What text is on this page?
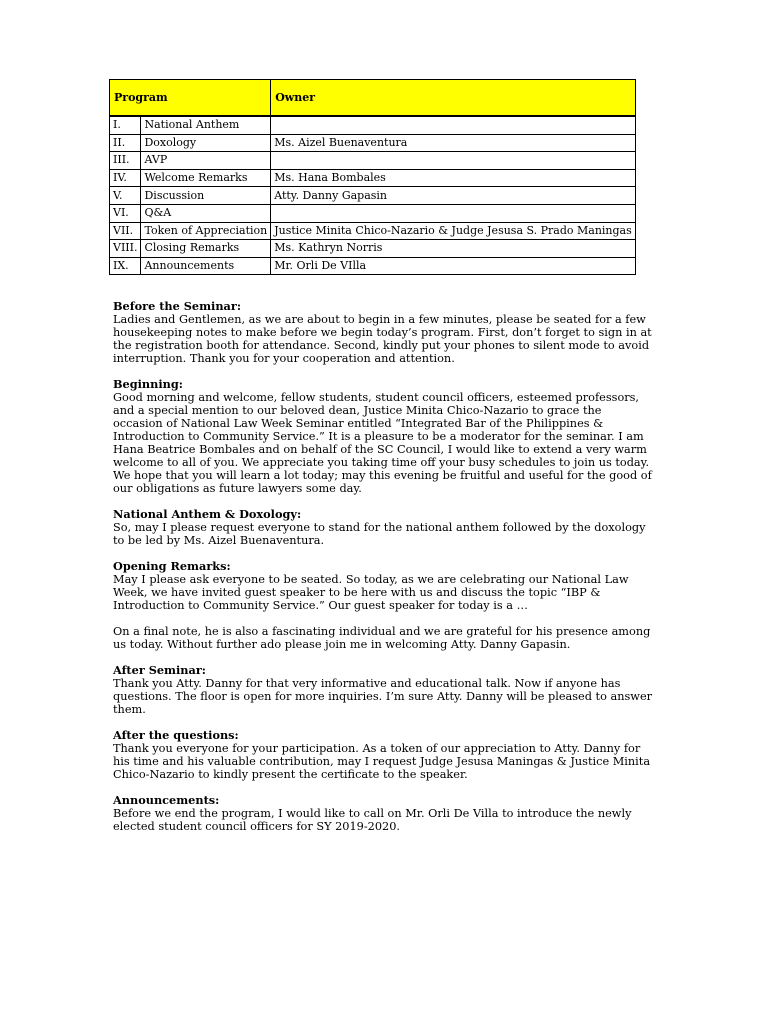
Program		Owner
I.	National Anthem	
II.	Doxology	Ms. Aizel Buenaventura
III.	AVP	
IV.	Welcome Remarks	Ms. Hana Bombales
V.	Discussion	Atty. Danny Gapasin
VI.	Q&A	
VII.	Token of Appreciation	Justice Minita Chico-Nazario & Judge Jesusa S. Prado Maningas
VIII.	Closing Remarks	Ms. Kathryn Norris
IX.	Announcements	Mr. Orli De VIlla
Before the Seminar:

Ladies and Gentlemen, as we are about to begin in a few minutes, please be seated for a few housekeeping notes to make before we begin today’s program. First, don’t forget to sign in at the registration booth for attendance. Second, kindly put your phones to silent mode to avoid interruption. Thank you for your cooperation and attention.

Beginning:

Good morning and welcome, fellow students, student council officers, esteemed professors, and a special mention to our beloved dean, Justice Minita Chico-Nazario to grace the occasion of National Law Week Seminar entitled “Integrated Bar of the Philippines & Introduction to Community Service.” It is a pleasure to be a moderator for the seminar. I am Hana Beatrice Bombales and on behalf of the SC Council, I would like to extend a very warm welcome to all of you. We appreciate you taking time off your busy schedules to join us today. We hope that you will learn a lot today; may this evening be fruitful and useful for the good of our obligations as future lawyers some day.

National Anthem & Doxology:

So, may I please request everyone to stand for the national anthem followed by the doxology to be led by Ms. Aizel Buenaventura.

Opening Remarks:

May I please ask everyone to be seated. So today, as we are celebrating our National Law Week, we have invited guest speaker to be here with us and discuss the topic “IBP & Introduction to Community Service.” Our guest speaker for today is a …

On a final note, he is also a fascinating individual and we are grateful for his presence among us today. Without further ado please join me in welcoming Atty. Danny Gapasin.

After Seminar:

Thank you Atty. Danny for that very informative and educational talk. Now if anyone has questions. The floor is open for more inquiries. I’m sure Atty. Danny will be pleased to answer them.

After the questions:

Thank you everyone for your participation. As a token of our appreciation to Atty. Danny for his time and his valuable contribution, may I request Judge Jesusa Maningas & Justice Minita Chico-Nazario to kindly present the certificate to the speaker.

Announcements:

Before we end the program, I would like to call on Mr. Orli De Villa to introduce the newly elected student council officers for SY 2019-2020.
